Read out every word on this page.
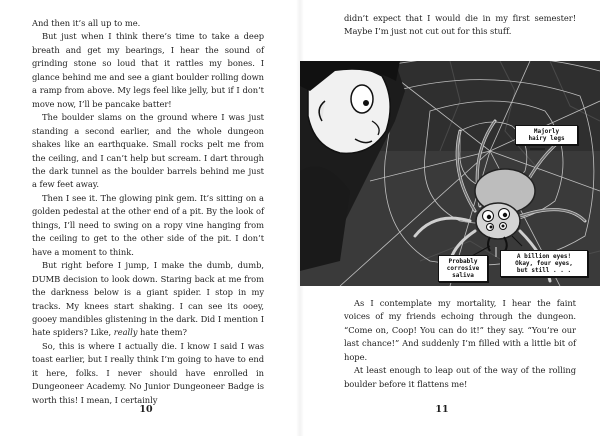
And then it’s all up to me.

But just when I think there’s time to take a deep breath and get my bearings, I hear the sound of grinding stone so loud that it rattles my bones. I glance behind me and see a giant boulder rolling down a ramp from above. My legs feel like jelly, but if I don’t move now, I’ll be pancake batter!

The boulder slams on the ground where I was just standing a second earlier, and the whole dungeon shakes like an earthquake. Small rocks pelt me from the ceiling, and I can’t help but scream. I dart through the dark tunnel as the boulder barrels behind me just a few feet away.

Then I see it. The glowing pink gem. It’s sitting on a golden pedestal at the other end of a pit. By the look of things, I’ll need to swing on a ropy vine hanging from the ceiling to get to the other side of the pit. I don’t have a moment to think.

But right before I jump, I make the dumb, dumb, DUMB decision to look down. Staring back at me from the darkness below is a giant spider. I stop in my tracks. My knees start shaking. I can see its ooey, gooey mandibles glistening in the dark. Did I mention I hate spiders? Like, really hate them?

So, this is where I actually die. I know I said I was toast earlier, but I really think I’m going to have to end it here, folks. I never should have enrolled in Dungeoneer Academy. No Junior Dungeoneer Badge is worth this! I mean, I certainly

10

didn’t expect that I would die in my first semester! Maybe I’m just not cut out for this stuff.

Majorly
hairy legs
Probably
corrosive
saliva
A billion eyes!
Okay, four eyes,
but still . . .

As I contemplate my mortality, I hear the faint voices of my friends echoing through the dungeon. “Come on, Coop! You can do it!” they say. “You’re our last chance!” And suddenly I’m filled with a little bit of hope.

At least enough to leap out of the way of the rolling boulder before it flattens me!

11
